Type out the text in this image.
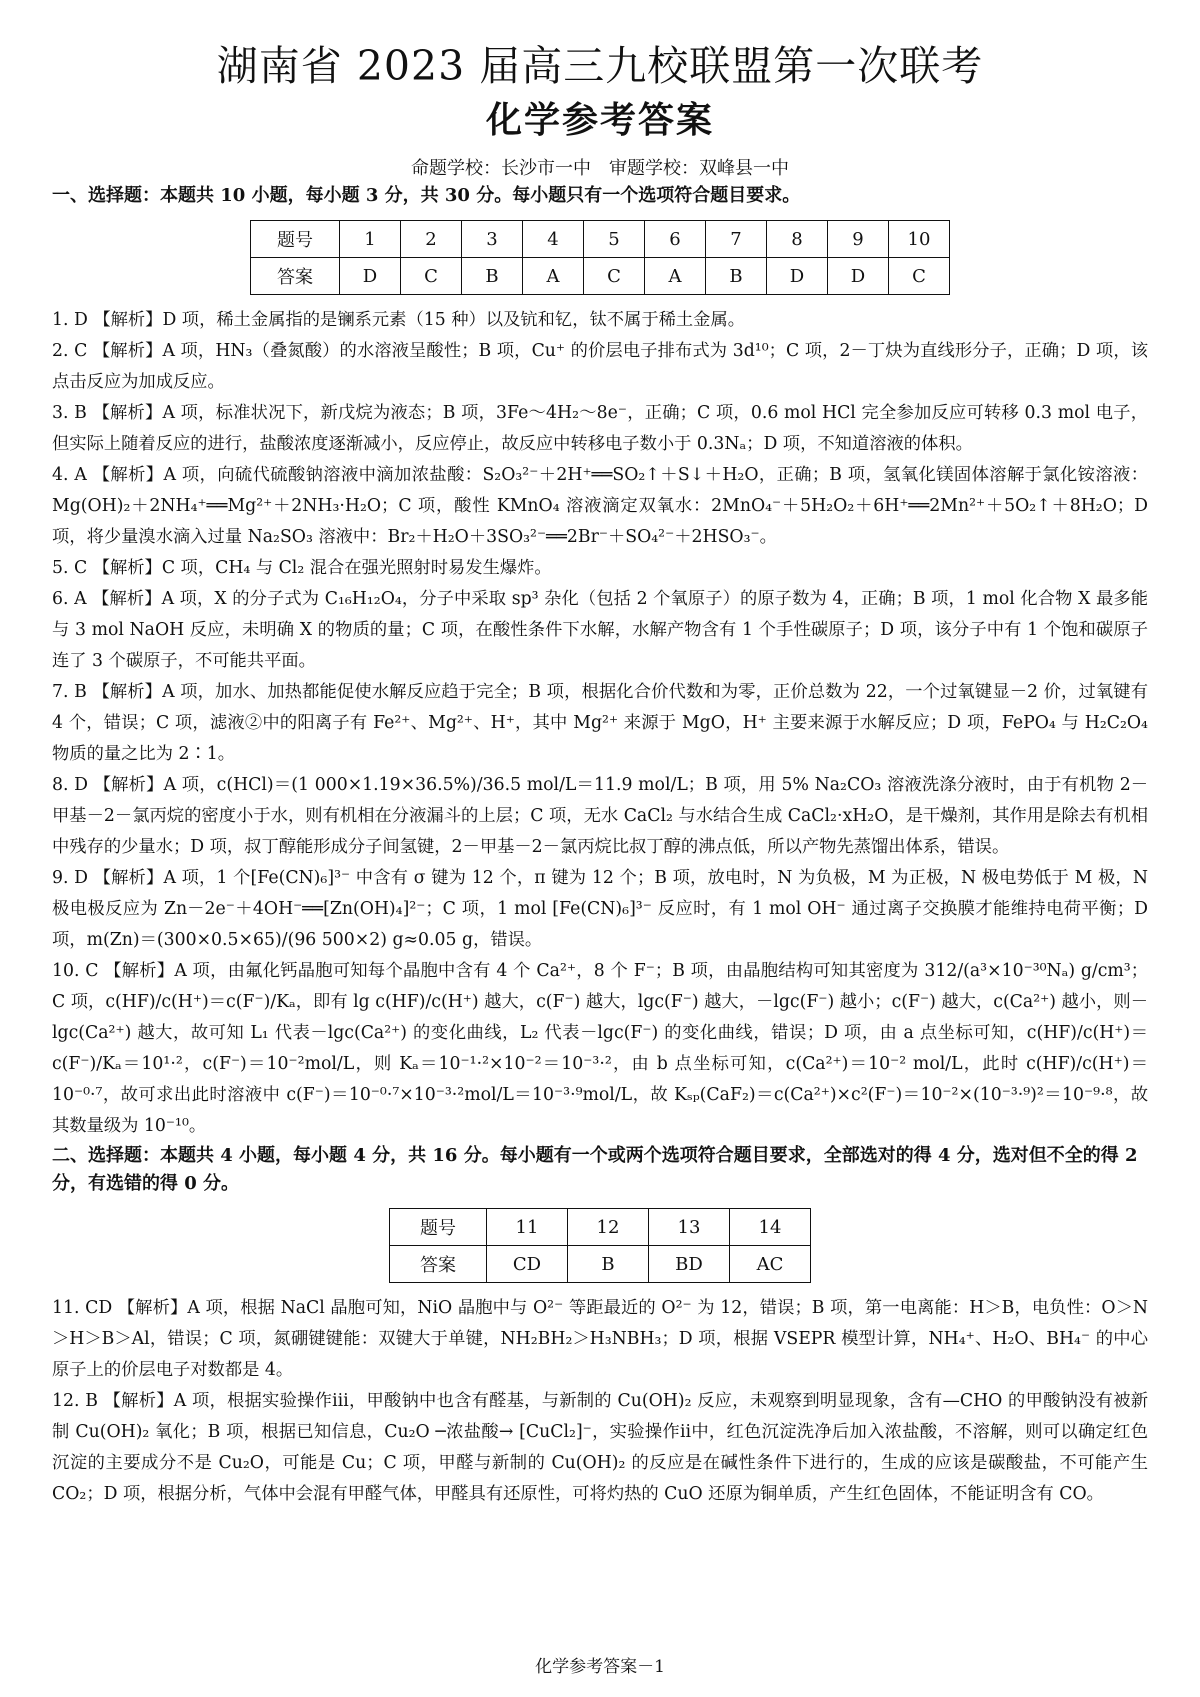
湖南省 2023 届高三九校联盟第一次联考
化学参考答案
命题学校：长沙市一中　审题学校：双峰县一中
一、选择题：本题共 10 小题，每小题 3 分，共 30 分。每小题只有一个选项符合题目要求。
题号	1	2	3	4	5	6	7	8	9	10
答案	D	C	B	A	C	A	B	D	D	C

1. D 【解析】D 项，稀土金属指的是镧系元素（15 种）以及钪和钇，钛不属于稀土金属。

2. C 【解析】A 项，HN₃（叠氮酸）的水溶液呈酸性；B 项，Cu⁺ 的价层电子排布式为 3d¹⁰；C 项，2－丁炔为直线形分子，正确；D 项，该点击反应为加成反应。

3. B 【解析】A 项，标准状况下，新戊烷为液态；B 项，3Fe～4H₂～8e⁻，正确；C 项，0.6 mol HCl 完全参加反应可转移 0.3 mol 电子，但实际上随着反应的进行，盐酸浓度逐渐减小，反应停止，故反应中转移电子数小于 0.3Nₐ；D 项，不知道溶液的体积。

4. A 【解析】A 项，向硫代硫酸钠溶液中滴加浓盐酸：S₂O₃²⁻＋2H⁺══SO₂↑＋S↓＋H₂O，正确；B 项，氢氧化镁固体溶解于氯化铵溶液：Mg(OH)₂＋2NH₄⁺══Mg²⁺＋2NH₃·H₂O；C 项，酸性 KMnO₄ 溶液滴定双氧水：2MnO₄⁻＋5H₂O₂＋6H⁺══2Mn²⁺＋5O₂↑＋8H₂O；D 项，将少量溴水滴入过量 Na₂SO₃ 溶液中：Br₂＋H₂O＋3SO₃²⁻══2Br⁻＋SO₄²⁻＋2HSO₃⁻。

5. C 【解析】C 项，CH₄ 与 Cl₂ 混合在强光照射时易发生爆炸。

6. A 【解析】A 项，X 的分子式为 C₁₆H₁₂O₄，分子中采取 sp³ 杂化（包括 2 个氧原子）的原子数为 4，正确；B 项，1 mol 化合物 X 最多能与 3 mol NaOH 反应，未明确 X 的物质的量；C 项，在酸性条件下水解，水解产物含有 1 个手性碳原子；D 项，该分子中有 1 个饱和碳原子连了 3 个碳原子，不可能共平面。

7. B 【解析】A 项，加水、加热都能促使水解反应趋于完全；B 项，根据化合价代数和为零，正价总数为 22，一个过氧键显－2 价，过氧键有 4 个，错误；C 项，滤液②中的阳离子有 Fe²⁺、Mg²⁺、H⁺，其中 Mg²⁺ 来源于 MgO，H⁺ 主要来源于水解反应；D 项，FePO₄ 与 H₂C₂O₄ 物质的量之比为 2∶1。

8. D 【解析】A 项，c(HCl)＝(1 000×1.19×36.5%)/36.5 mol/L＝11.9 mol/L；B 项，用 5% Na₂CO₃ 溶液洗涤分液时，由于有机物 2－甲基－2－氯丙烷的密度小于水，则有机相在分液漏斗的上层；C 项，无水 CaCl₂ 与水结合生成 CaCl₂·xH₂O，是干燥剂，其作用是除去有机相中残存的少量水；D 项，叔丁醇能形成分子间氢键，2－甲基－2－氯丙烷比叔丁醇的沸点低，所以产物先蒸馏出体系，错误。

9. D 【解析】A 项，1 个[Fe(CN)₆]³⁻ 中含有 σ 键为 12 个，π 键为 12 个；B 项，放电时，N 为负极，M 为正极，N 极电势低于 M 极，N 极电极反应为 Zn－2e⁻＋4OH⁻══[Zn(OH)₄]²⁻；C 项，1 mol [Fe(CN)₆]³⁻ 反应时，有 1 mol OH⁻ 通过离子交换膜才能维持电荷平衡；D 项，m(Zn)＝(300×0.5×65)/(96 500×2) g≈0.05 g，错误。

10. C 【解析】A 项，由氟化钙晶胞可知每个晶胞中含有 4 个 Ca²⁺，8 个 F⁻；B 项，由晶胞结构可知其密度为 312/(a³×10⁻³⁰Nₐ) g/cm³；C 项，c(HF)/c(H⁺)＝c(F⁻)/Kₐ，即有 lg c(HF)/c(H⁺) 越大，c(F⁻) 越大，lgc(F⁻) 越大，－lgc(F⁻) 越小；c(F⁻) 越大，c(Ca²⁺) 越小，则－lgc(Ca²⁺) 越大，故可知 L₁ 代表－lgc(Ca²⁺) 的变化曲线，L₂ 代表－lgc(F⁻) 的变化曲线，错误；D 项，由 a 点坐标可知，c(HF)/c(H⁺)＝c(F⁻)/Kₐ＝10¹·²，c(F⁻)＝10⁻²mol/L，则 Kₐ＝10⁻¹·²×10⁻²＝10⁻³·²，由 b 点坐标可知，c(Ca²⁺)＝10⁻² mol/L，此时 c(HF)/c(H⁺)＝10⁻⁰·⁷，故可求出此时溶液中 c(F⁻)＝10⁻⁰·⁷×10⁻³·²mol/L＝10⁻³·⁹mol/L，故 Kₛₚ(CaF₂)＝c(Ca²⁺)×c²(F⁻)＝10⁻²×(10⁻³·⁹)²＝10⁻⁹·⁸，故其数量级为 10⁻¹⁰。

二、选择题：本题共 4 小题，每小题 4 分，共 16 分。每小题有一个或两个选项符合题目要求，全部选对的得 4 分，选对但不全的得 2 分，有选错的得 0 分。
题号	11	12	13	14
答案	CD	B	BD	AC

11. CD 【解析】A 项，根据 NaCl 晶胞可知，NiO 晶胞中与 O²⁻ 等距最近的 O²⁻ 为 12，错误；B 项，第一电离能：H＞B，电负性：O＞N＞H＞B＞Al，错误；C 项，氮硼键键能：双键大于单键，NH₂BH₂＞H₃NBH₃；D 项，根据 VSEPR 模型计算，NH₄⁺、H₂O、BH₄⁻ 的中心原子上的价层电子对数都是 4。

12. B 【解析】A 项，根据实验操作ⅲ，甲酸钠中也含有醛基，与新制的 Cu(OH)₂ 反应，未观察到明显现象，含有—CHO 的甲酸钠没有被新制 Cu(OH)₂ 氧化；B 项，根据已知信息，Cu₂O ─浓盐酸→ [CuCl₂]⁻，实验操作ⅱ中，红色沉淀洗净后加入浓盐酸，不溶解，则可以确定红色沉淀的主要成分不是 Cu₂O，可能是 Cu；C 项，甲醛与新制的 Cu(OH)₂ 的反应是在碱性条件下进行的，生成的应该是碳酸盐，不可能产生 CO₂；D 项，根据分析，气体中会混有甲醛气体，甲醛具有还原性，可将灼热的 CuO 还原为铜单质，产生红色固体，不能证明含有 CO。

化学参考答案－1
